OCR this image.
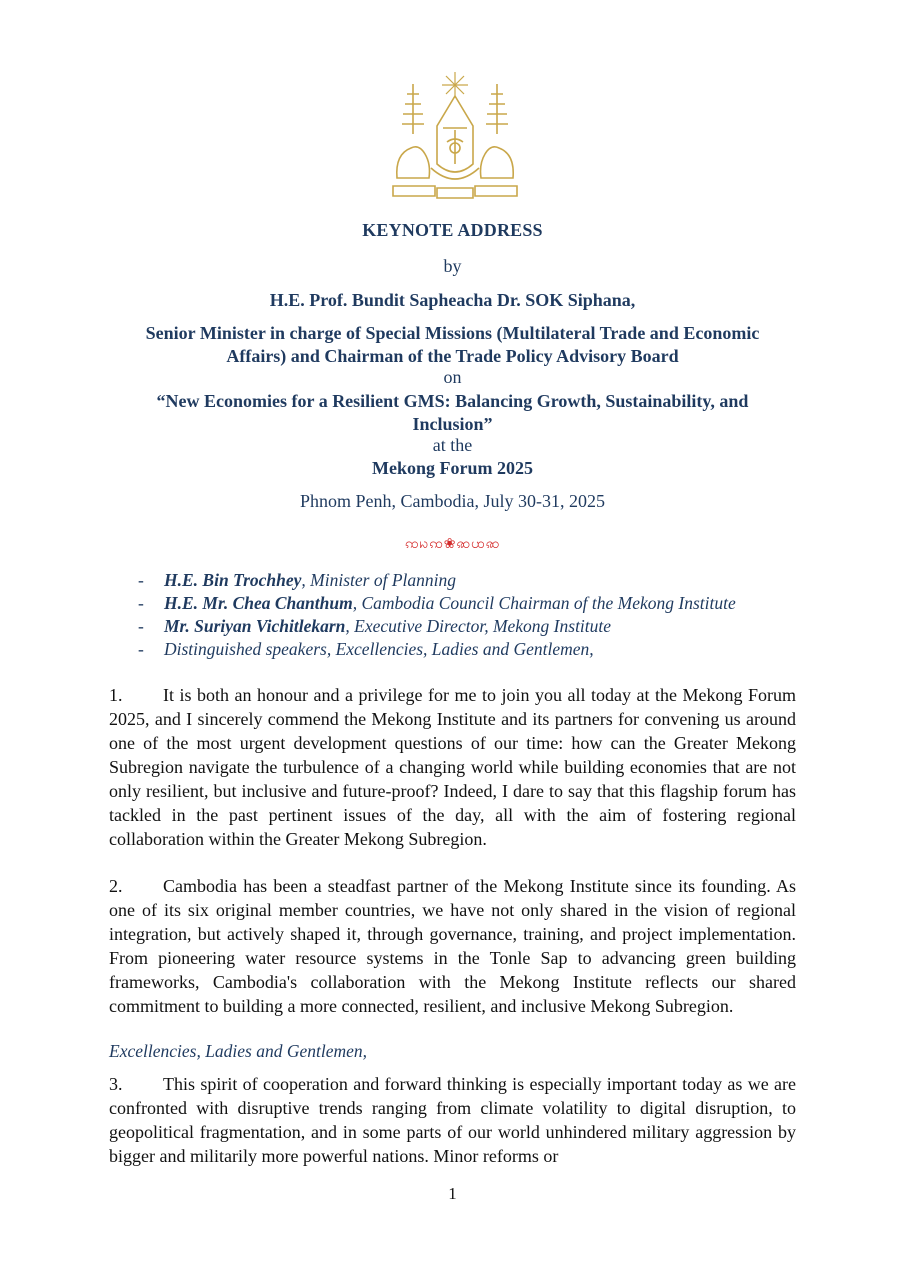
KEYNOTE ADDRESS
by
H.E. Prof. Bundit Sapheacha Dr. SOK Siphana,
Senior Minister in charge of Special Missions (Multilateral Trade and Economic
Affairs) and Chairman of the Trade Policy Advisory Board
on
“New Economies for a Resilient GMS: Balancing Growth, Sustainability, and
Inclusion”
at the
Mekong Forum 2025
Phnom Penh, Cambodia, July 30-31, 2025
ꩡꩢꩡ❀ꩣꩤꩣ
- H.E. Bin Trochhey, Minister of Planning
- H.E. Mr. Chea Chanthum, Cambodia Council Chairman of the Mekong Institute
- Mr. Suriyan Vichitlekarn, Executive Director, Mekong Institute
- Distinguished speakers, Excellencies, Ladies and Gentlemen,

1. It is both an honour and a privilege for me to join you all today at the Mekong Forum 2025, and I sincerely commend the Mekong Institute and its partners for convening us around one of the most urgent development questions of our time: how can the Greater Mekong Subregion navigate the turbulence of a changing world while building economies that are not only resilient, but inclusive and future-proof? Indeed, I dare to say that this flagship forum has tackled in the past pertinent issues of the day, all with the aim of fostering regional collaboration within the Greater Mekong Subregion.

2. Cambodia has been a steadfast partner of the Mekong Institute since its founding. As one of its six original member countries, we have not only shared in the vision of regional integration, but actively shaped it, through governance, training, and project implementation. From pioneering water resource systems in the Tonle Sap to advancing green building frameworks, Cambodia's collaboration with the Mekong Institute reflects our shared commitment to building a more connected, resilient, and inclusive Mekong Subregion.

Excellencies, Ladies and Gentlemen,

3. This spirit of cooperation and forward thinking is especially important today as we are confronted with disruptive trends ranging from climate volatility to digital disruption, to geopolitical fragmentation, and in some parts of our world unhindered military aggression by bigger and militarily more powerful nations. Minor reforms or

1
